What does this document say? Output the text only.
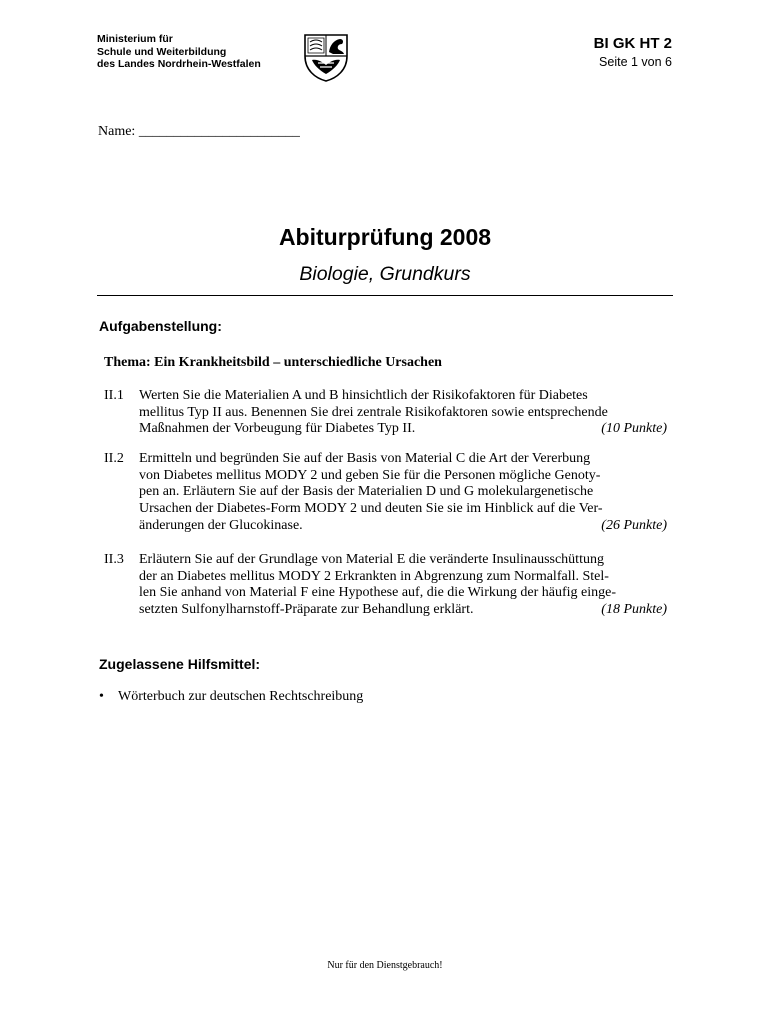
Ministerium für
Schule und Weiterbildung
des Landes Nordrhein-Westfalen
BI GK HT 2
Seite 1 von 6
Name: _______________________
Abiturprüfung 2008
Biologie, Grundkurs
Aufgabenstellung:
Thema: Ein Krankheitsbild – unterschiedliche Ursachen
II.1 Werten Sie die Materialien A und B hinsichtlich der Risikofaktoren für Diabetes
mellitus Typ II aus. Benennen Sie drei zentrale Risikofaktoren sowie entsprechende
Maßnahmen der Vorbeugung für Diabetes Typ II.	(10 Punkte)
II.2 Ermitteln und begründen Sie auf der Basis von Material C die Art der Vererbung
von Diabetes mellitus MODY 2 und geben Sie für die Personen mögliche Genoty-
pen an. Erläutern Sie auf der Basis der Materialien D und G molekulargenetische
Ursachen der Diabetes-Form MODY 2 und deuten Sie sie im Hinblick auf die Ver-
änderungen der Glucokinase.	(26 Punkte)
II.3 Erläutern Sie auf der Grundlage von Material E die veränderte Insulinausschüttung
der an Diabetes mellitus MODY 2 Erkrankten in Abgrenzung zum Normalfall. Stel-
len Sie anhand von Material F eine Hypothese auf, die die Wirkung der häufig einge-
setzten Sulfonylharnstoff-Präparate zur Behandlung erklärt.	(18 Punkte)
Zugelassene Hilfsmittel:
• Wörterbuch zur deutschen Rechtschreibung
Nur für den Dienstgebrauch!
